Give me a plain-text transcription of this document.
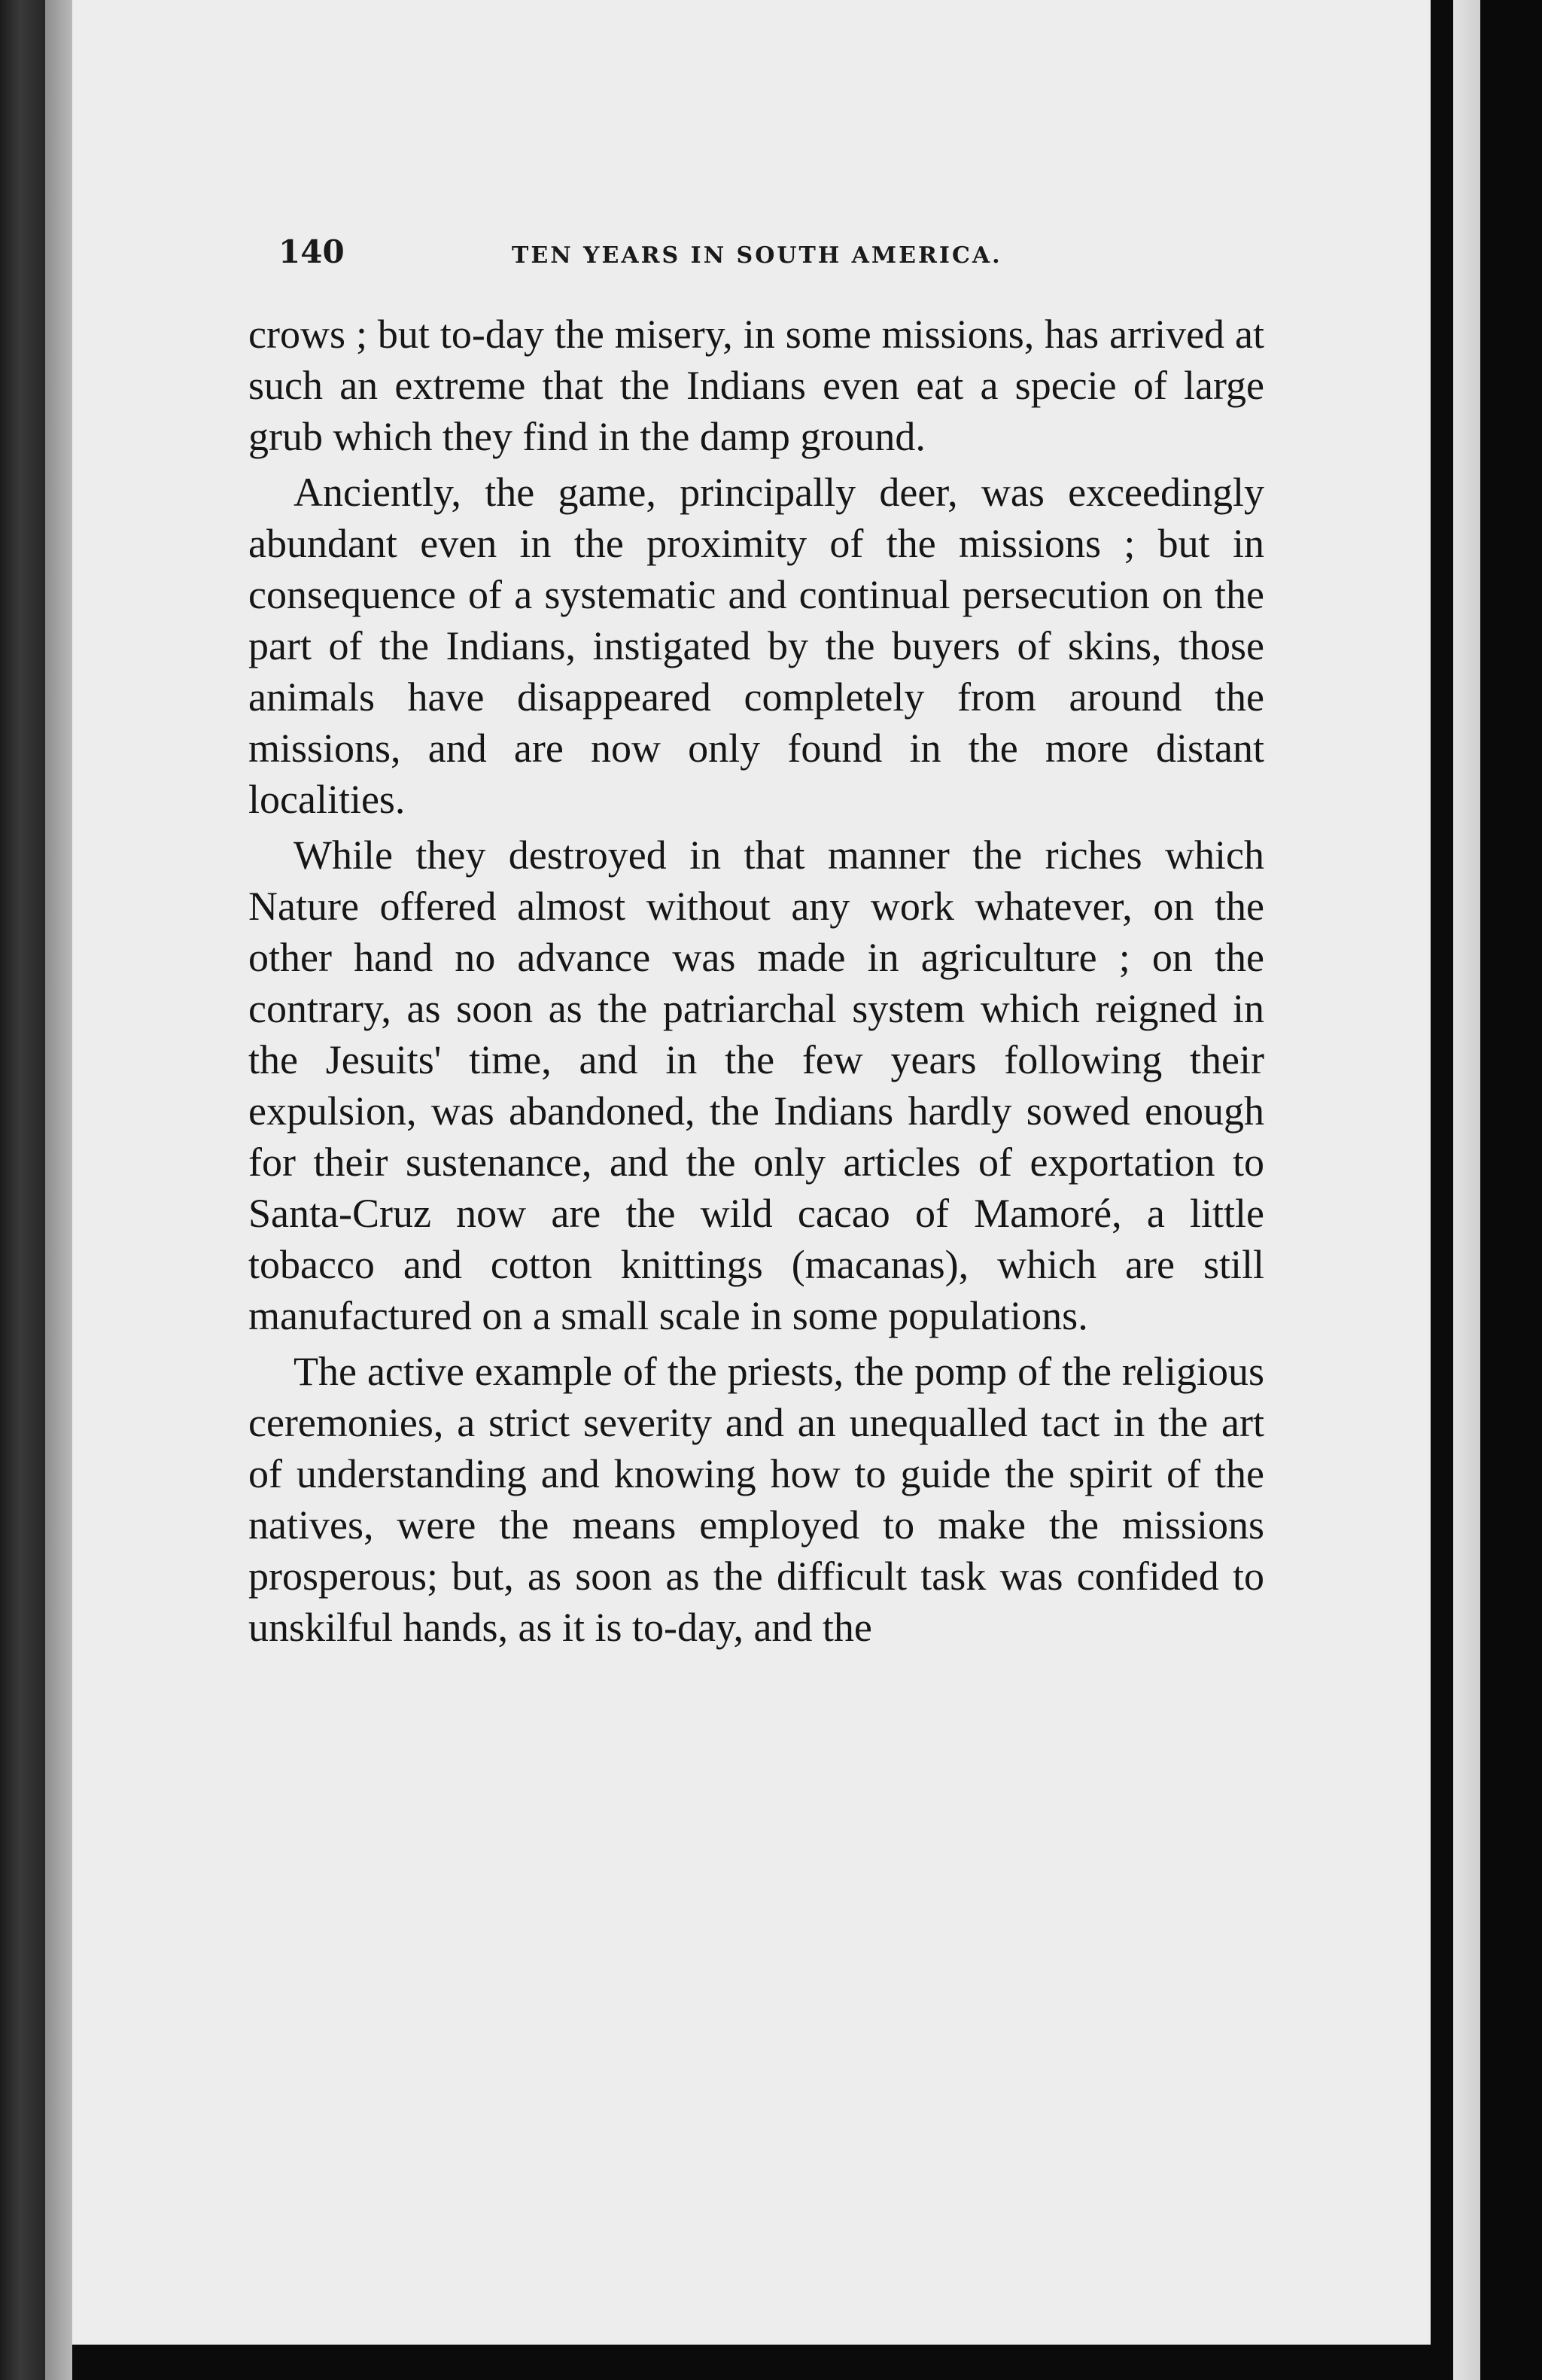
140	TEN YEARS IN SOUTH AMERICA.

crows ; but to-day the misery, in some missions, has arrived at such an extreme that the Indians even eat a specie of large grub which they find in the damp ground.

Anciently, the game, principally deer, was exceedingly abundant even in the proximity of the missions ; but in consequence of a systematic and continual persecution on the part of the Indians, instigated by the buyers of skins, those animals have disappeared completely from around the missions, and are now only found in the more distant localities.

While they destroyed in that manner the riches which Nature offered almost without any work whatever, on the other hand no advance was made in agriculture ; on the contrary, as soon as the patriarchal system which reigned in the Jesuits' time, and in the few years following their expulsion, was abandoned, the Indians hardly sowed enough for their sustenance, and the only articles of exportation to Santa-Cruz now are the wild cacao of Mamoré, a little tobacco and cotton knittings (macanas), which are still manufactured on a small scale in some populations.

The active example of the priests, the pomp of the religious ceremonies, a strict severity and an unequalled tact in the art of understanding and knowing how to guide the spirit of the natives, were the means employed to make the missions prosperous; but, as soon as the difficult task was confided to unskilful hands, as it is to-day, and the
